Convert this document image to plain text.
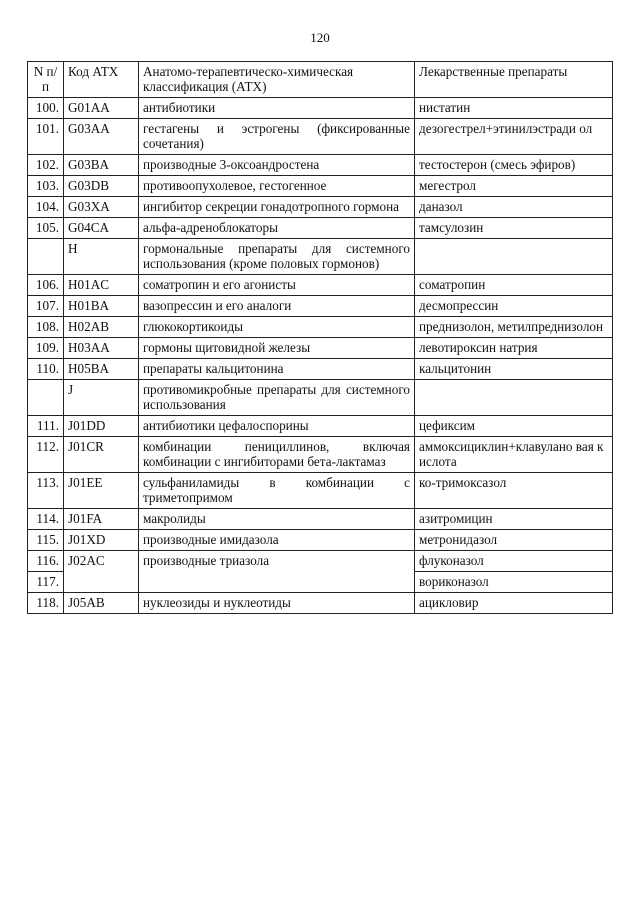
120
N п/п	Код АТХ	Анатомо-терапевтическо-химическая классификация (АТХ)	Лекарственные препараты
100.	G01AA	антибиотики	нистатин
101.	G03AA	гестагены и эстрогены (фиксированные сочетания)	дезогестрел+этинилэстради ол
102.	G03BA	производные 3-оксоандростена	тестостерон (смесь эфиров)
103.	G03DB	противоопухолевое, гестогенное	мегестрол
104.	G03XA	ингибитор секреции гонадотропного гормона	даназол
105.	G04CA	альфа-адреноблокаторы	тамсулозин
	H	гормональные препараты для системного использования (кроме половых гормонов)	
106.	H01AC	соматропин и его агонисты	соматропин
107.	H01BA	вазопрессин и его аналоги	десмопрессин
108.	H02AB	глюкокортикоиды	преднизолон, метилпреднизолон
109.	H03AA	гормоны щитовидной железы	левотироксин натрия
110.	H05BA	препараты кальцитонина	кальцитонин
	J	противомикробные препараты для системного использования	
111.	J01DD	антибиотики цефалоспорины	цефиксим
112.	J01CR	комбинации пенициллинов, включая комбинации с ингибиторами бета-лактамаз	аммоксициклин+клавулано вая кислота
113.	J01EE	сульфаниламиды в комбинации с триметопримом	ко-тримоксазол
114.	J01FA	макролиды	азитромицин
115.	J01XD	производные имидазола	метронидазол
116.	J02AC	производные триазола	флуконазол
117.			вориконазол
118.	J05AB	нуклеозиды и нуклеотиды	ацикловир
